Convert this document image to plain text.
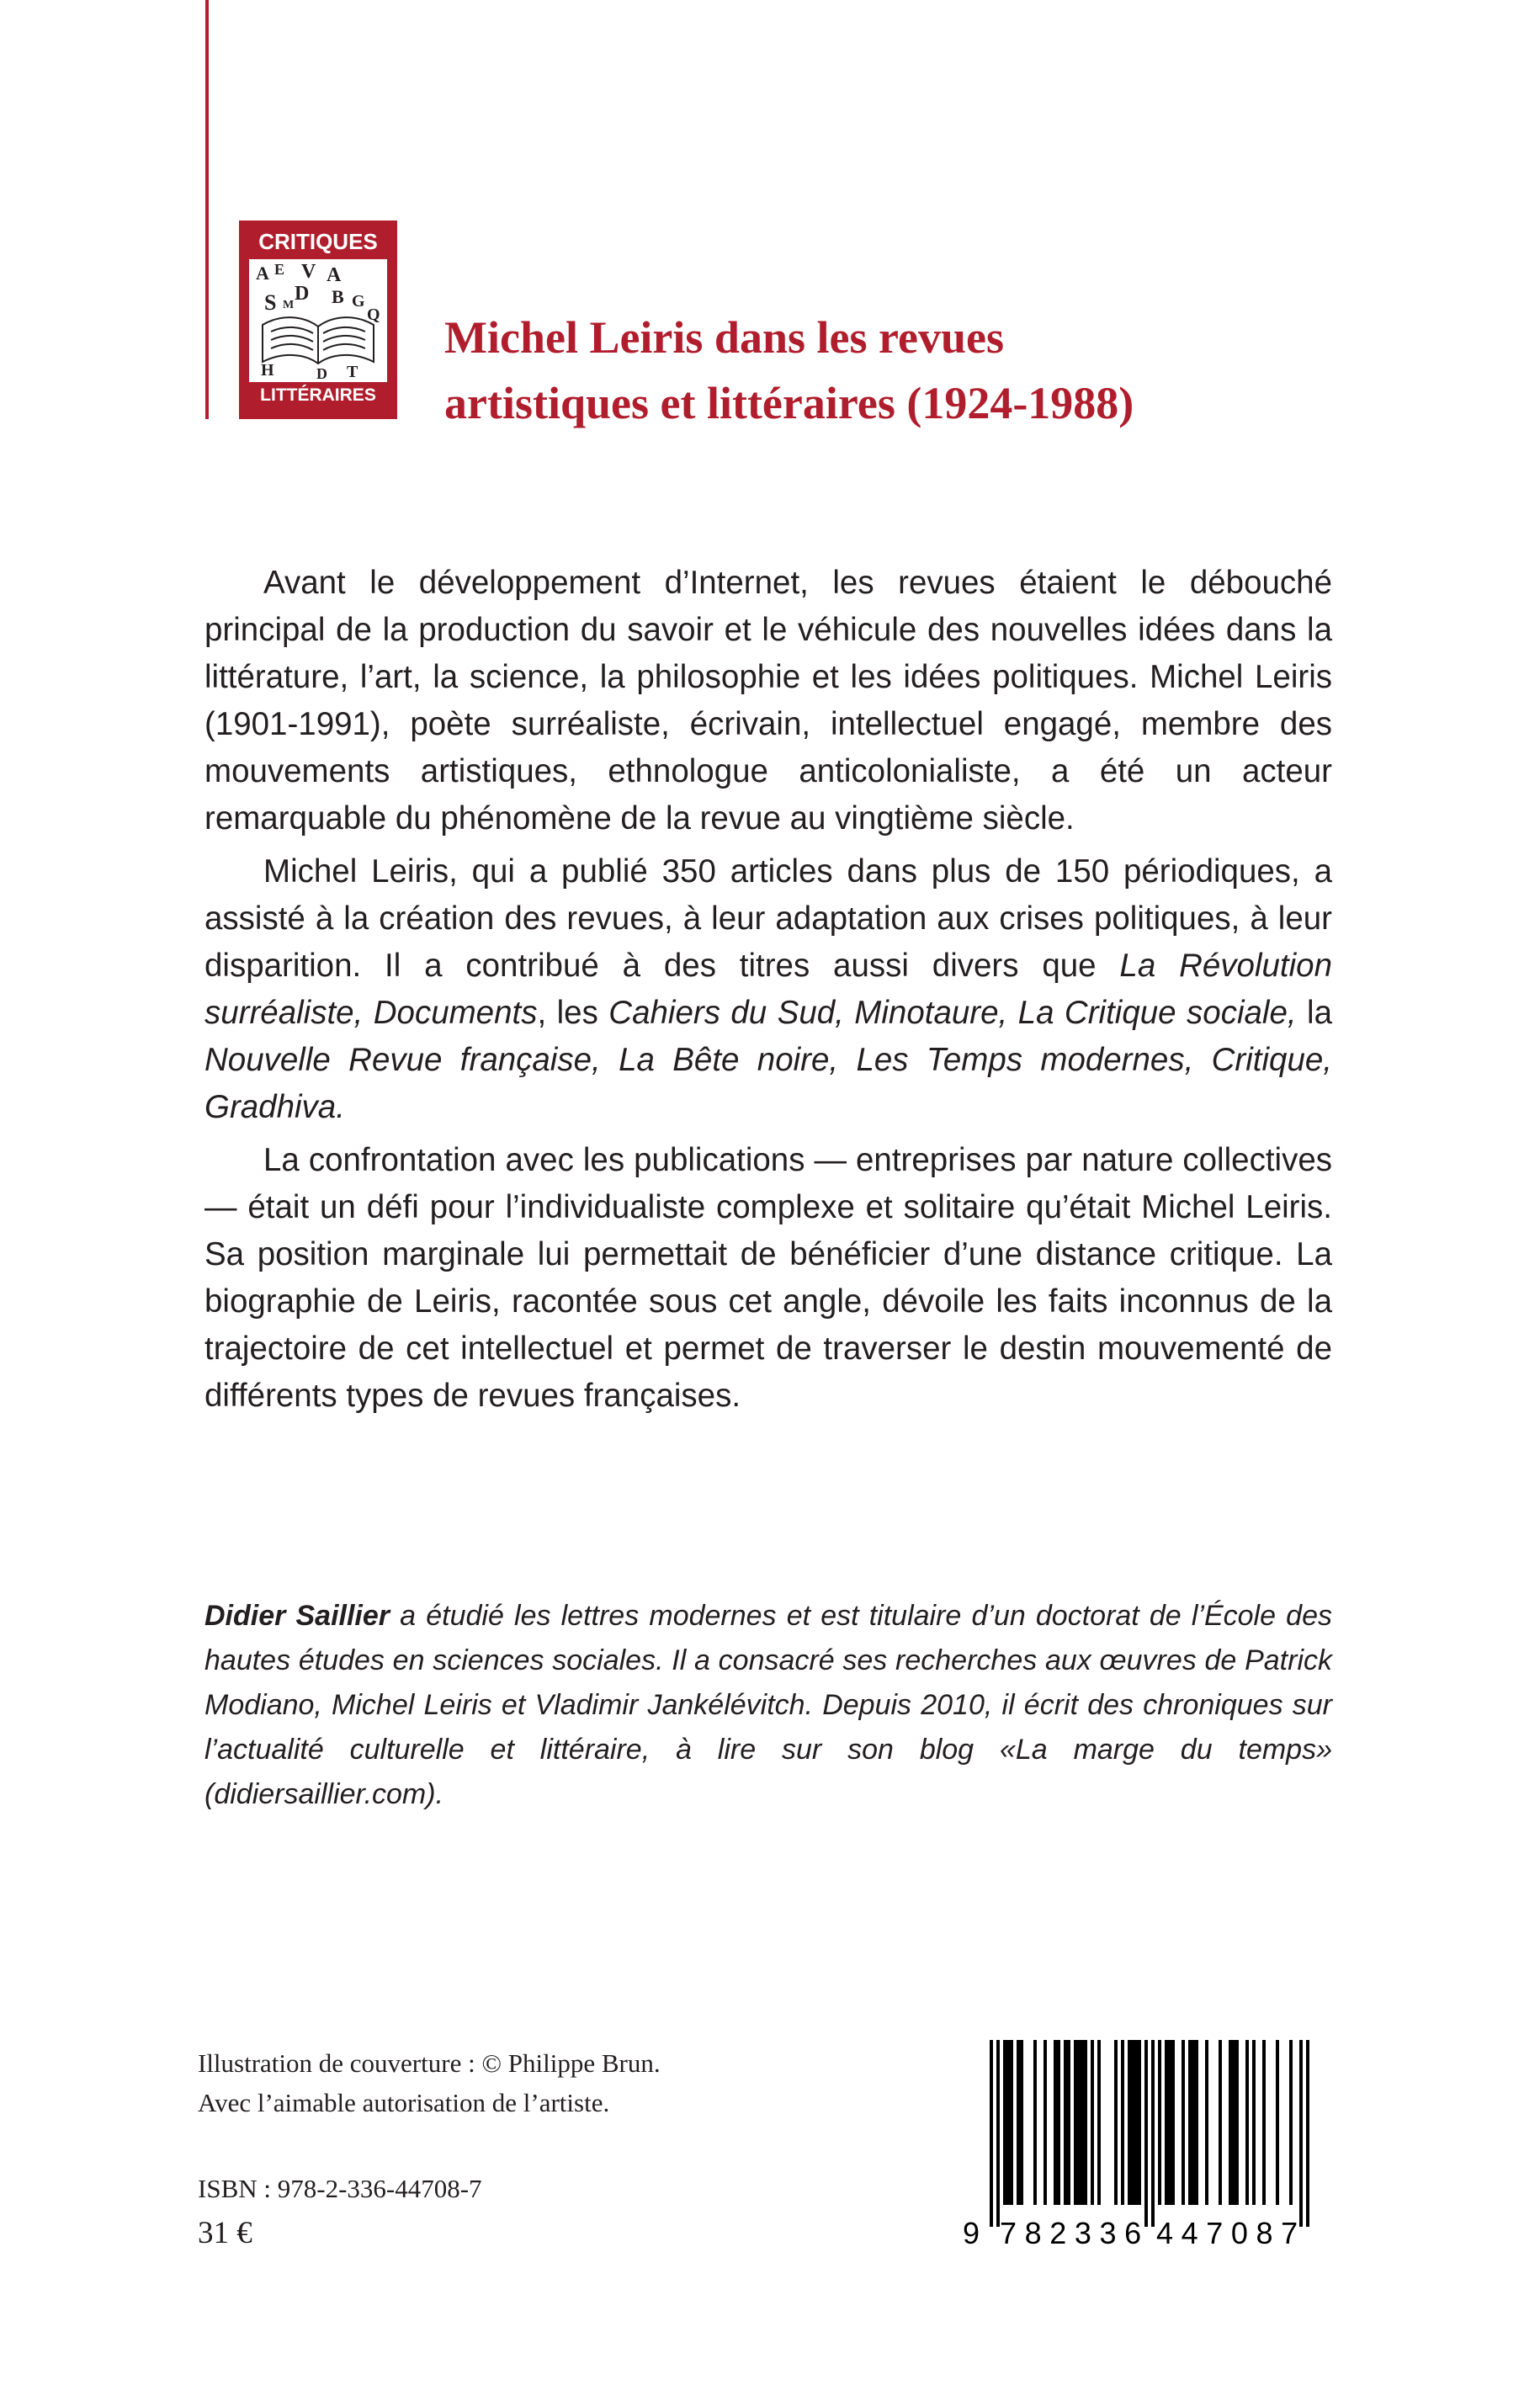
CRITIQUES
A E V A
D B
S M	G
Q
H	D T
LITTÉRAIRES
Michel Leiris dans les revues
artistiques et littéraires (1924-1988)

Avant le développement d’Internet, les revues étaient le débouché principal de la production du savoir et le véhicule des nouvelles idées dans la littérature, l’art, la science, la philosophie et les idées politiques. Michel Leiris (1901-1991), poète surréaliste, écrivain, intellectuel engagé, membre des mouvements artistiques, ethnologue anticolonialiste, a été un acteur remarquable du phénomène de la revue au vingtième siècle.

Michel Leiris, qui a publié 350 articles dans plus de 150 périodiques, a assisté à la création des revues, à leur adaptation aux crises politiques, à leur disparition. Il a contribué à des titres aussi divers que La Révolution surréaliste, Documents, les Cahiers du Sud, Minotaure, La Critique sociale, la Nouvelle Revue française, La Bête noire, Les Temps modernes, Critique, Gradhiva.

La confrontation avec les publications — entreprises par nature collectives — était un défi pour l’individualiste complexe et solitaire qu’était Michel Leiris. Sa position marginale lui permettait de bénéficier d’une distance critique. La biographie de Leiris, racontée sous cet angle, dévoile les faits inconnus de la trajectoire de cet intellectuel et permet de traverser le destin mouvementé de différents types de revues françaises.

Didier Saillier a étudié les lettres modernes et est titulaire d’un doctorat de l’École des hautes études en sciences sociales. Il a consacré ses recherches aux œuvres de Patrick Modiano, Michel Leiris et Vladimir Jankélévitch. Depuis 2010, il écrit des chroniques sur l’actualité culturelle et littéraire, à lire sur son blog «La marge du temps» (didiersaillier.com).

Illustration de couverture : © Philippe Brun.
Avec l’aimable autorisation de l’artiste.
ISBN : 978-2-336-44708-7
31 €	9 782336 447087
